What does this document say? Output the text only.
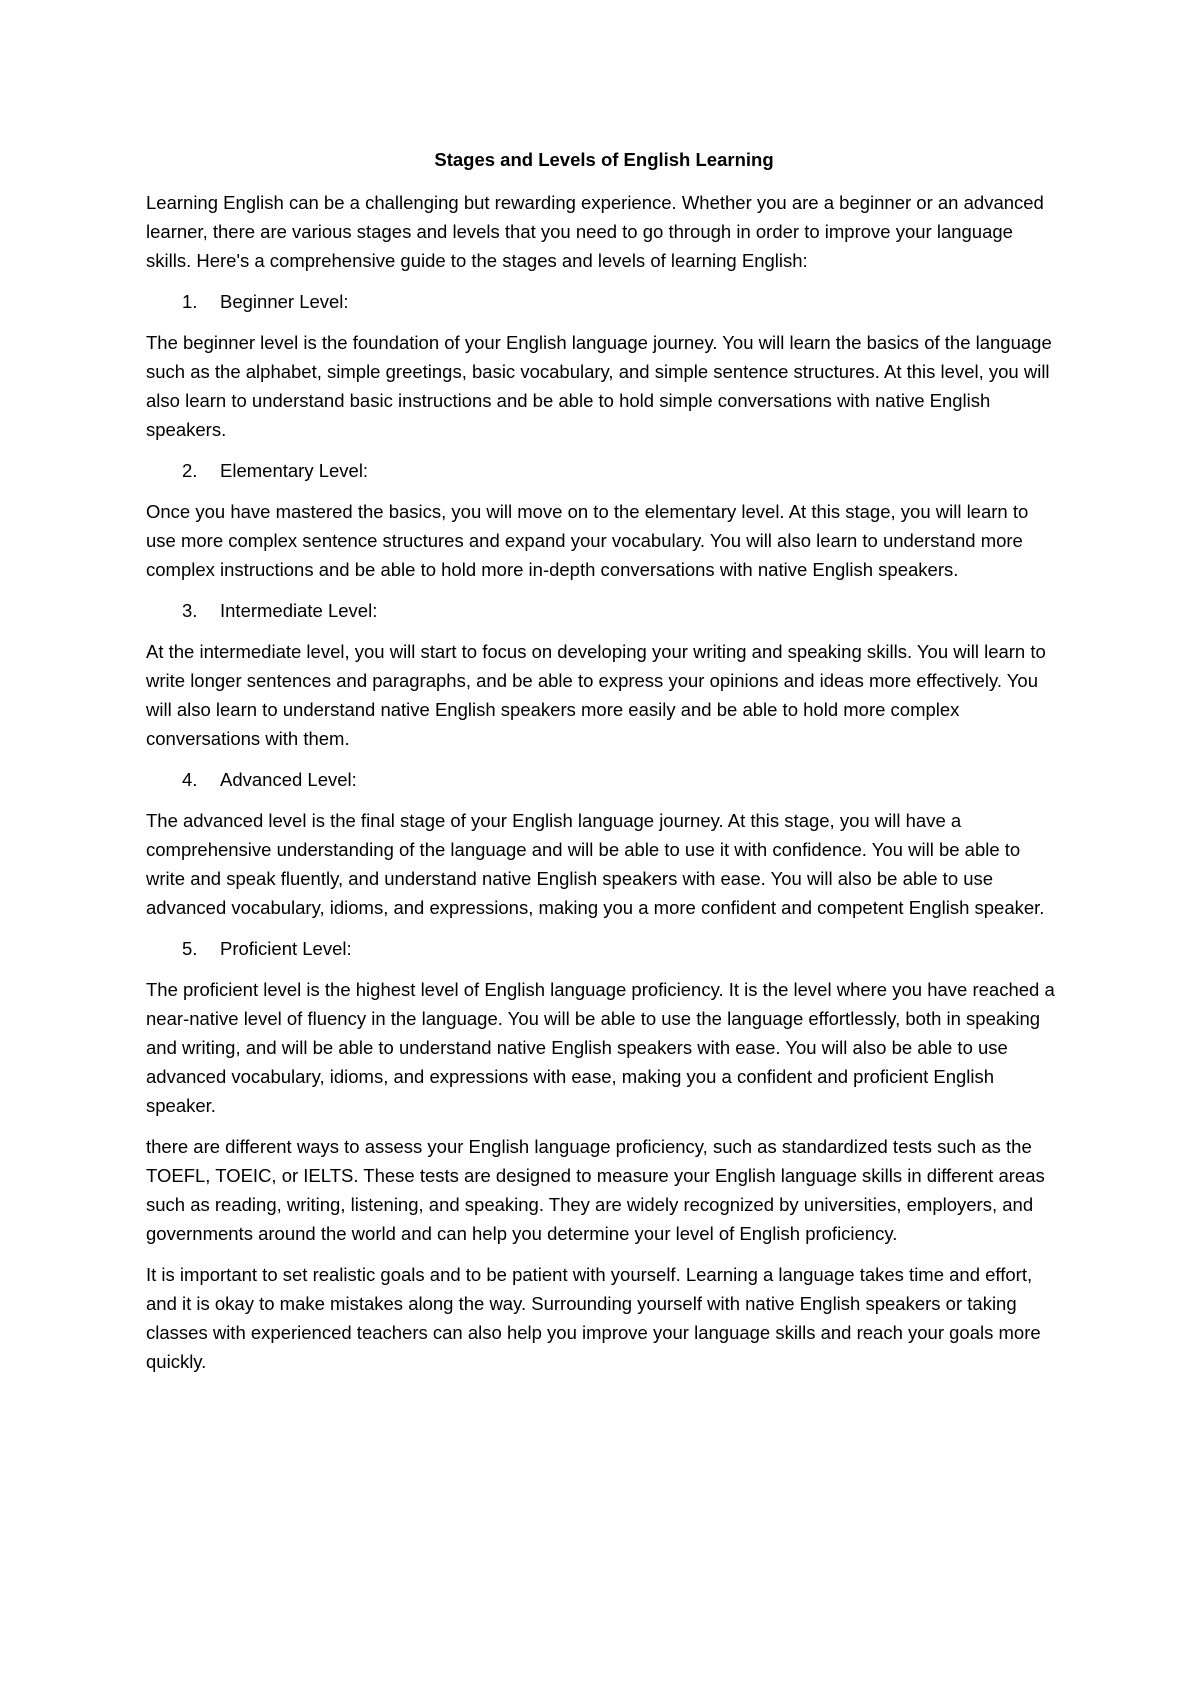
Stages and Levels of English Learning

Learning English can be a challenging but rewarding experience. Whether you are a beginner or an advanced learner, there are various stages and levels that you need to go through in order to improve your language skills. Here's a comprehensive guide to the stages and levels of learning English:

1.	Beginner Level:

The beginner level is the foundation of your English language journey. You will learn the basics of the language such as the alphabet, simple greetings, basic vocabulary, and simple sentence structures. At this level, you will also learn to understand basic instructions and be able to hold simple conversations with native English speakers.

2.	Elementary Level:

Once you have mastered the basics, you will move on to the elementary level. At this stage, you will learn to use more complex sentence structures and expand your vocabulary. You will also learn to understand more complex instructions and be able to hold more in-depth conversations with native English speakers.

3.	Intermediate Level:

At the intermediate level, you will start to focus on developing your writing and speaking skills. You will learn to write longer sentences and paragraphs, and be able to express your opinions and ideas more effectively. You will also learn to understand native English speakers more easily and be able to hold more complex conversations with them.

4.	Advanced Level:

The advanced level is the final stage of your English language journey. At this stage, you will have a comprehensive understanding of the language and will be able to use it with confidence. You will be able to write and speak fluently, and understand native English speakers with ease. You will also be able to use advanced vocabulary, idioms, and expressions, making you a more confident and competent English speaker.

5.	Proficient Level:

The proficient level is the highest level of English language proficiency. It is the level where you have reached a near-native level of fluency in the language. You will be able to use the language effortlessly, both in speaking and writing, and will be able to understand native English speakers with ease. You will also be able to use advanced vocabulary, idioms, and expressions with ease, making you a confident and proficient English speaker.

there are different ways to assess your English language proficiency, such as standardized tests such as the TOEFL, TOEIC, or IELTS. These tests are designed to measure your English language skills in different areas such as reading, writing, listening, and speaking. They are widely recognized by universities, employers, and governments around the world and can help you determine your level of English proficiency.

It is important to set realistic goals and to be patient with yourself. Learning a language takes time and effort, and it is okay to make mistakes along the way. Surrounding yourself with native English speakers or taking classes with experienced teachers can also help you improve your language skills and reach your goals more quickly.
